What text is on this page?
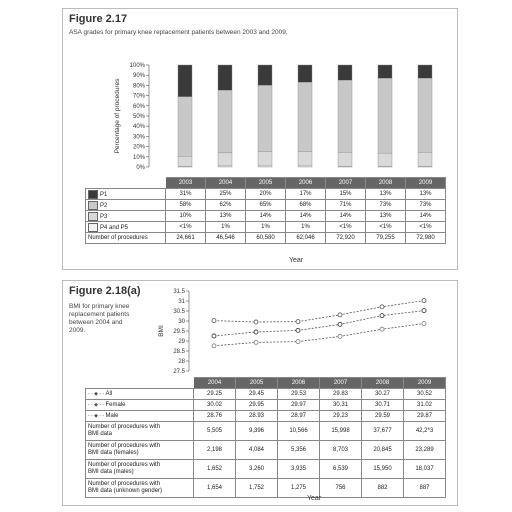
Figure 2.17
ASA grades for primary knee replacement patients between 2003 and 2009.
100%
90%
80%
70%
60%
50%
40%
30%
20%
10%
0%
Percentage of procedures
	2003	2004	2005	2006	2007	2008	2009
P1	31%	25%	20%	17%	15%	13%	13%
P2	58%	62%	65%	68%	71%	73%	73%
P3	10%	13%	14%	14%	14%	13%	14%
P4 and P5	<1%	1%	1%	1%	<1%	<1%	<1%
Number of procedures	24,661	46,546	60,580	62,046	72,920	79,255	72,980
Year
Figure 2.18(a)
BMI for primary knee
replacement patients
between 2004 and
2009.
31.5
31
30.5
30
29.5
29
28.5
28
27.5
BMI
	2004	2005	2006	2007	2008	2009
- - ◆ - - All	29.25	29.45	29.53	29.83	30.27	30.52
- - ◆ - - Female	30.02	29.95	29.97	30.31	30.71	31.02
- - ◆ - - Male	28.76	28.93	28.97	29.23	29.59	29.87

Number of procedures with
BMI data	5,505	9,396	10,566	15,998	37,677	42,2*3

Number of procedures with
BMI data (females)	2,198	4,084	5,356	8,703	20,845	23,289

Number of procedures with
BMI data (males)	1,652	3,260	3,935	6,539	15,950	18,037

Number of procedures with
BMI data (unknown gender)	1,654	1,752	1,275	756	882	887
Year
